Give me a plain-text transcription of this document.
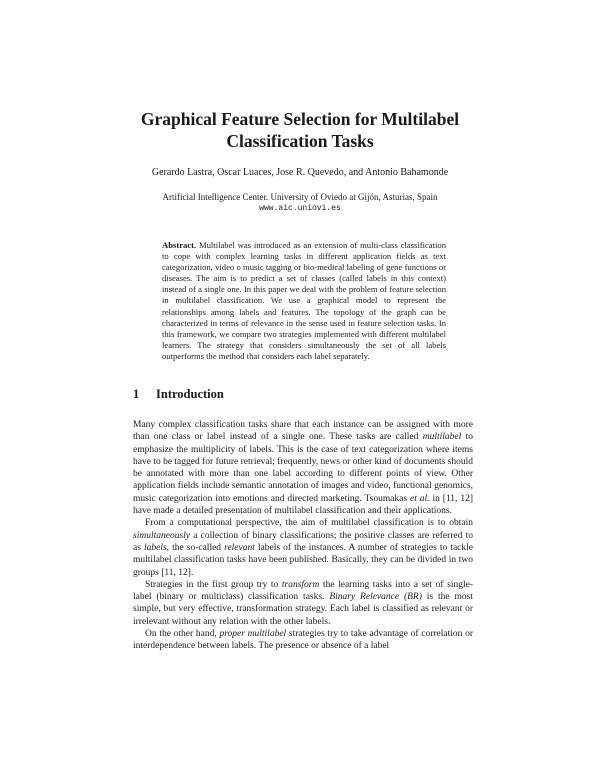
Graphical Feature Selection for Multilabel
Classification Tasks
Gerardo Lastra, Oscar Luaces, Jose R. Quevedo, and Antonio Bahamonde
Artificial Intelligence Center. University of Oviedo at Gijón, Asturias, Spain
www.aic.uniovi.es

Abstract. Multilabel was introduced as an extension of multi-class classification to cope with complex learning tasks in different application fields as text categorization, video o music tagging or bio-medical labeling of gene functions or diseases. The aim is to predict a set of classes (called labels in this context) instead of a single one. In this paper we deal with the problem of feature selection in multilabel classification. We use a graphical model to represent the relationships among labels and features. The topology of the graph can be characterized in terms of relevance in the sense used in feature selection tasks. In this framework, we compare two strategies implemented with different multilabel learners. The strategy that considers simultaneously the set of all labels outperforms the method that considers each label separately.

1 Introduction

Many complex classification tasks share that each instance can be assigned with more than one class or label instead of a single one. These tasks are called multilabel to emphasize the multiplicity of labels. This is the case of text categorization where items have to be tagged for future retrieval; frequently, news or other kind of documents should be annotated with more than one label according to different points of view. Other application fields include semantic annotation of images and video, functional genomics, music categorization into emotions and directed marketing. Tsoumakas et al. in [11, 12] have made a detailed presentation of multilabel classification and their applications.

From a computational perspective, the aim of multilabel classification is to obtain simultaneously a collection of binary classifications; the positive classes are referred to as labels, the so-called relevant labels of the instances. A number of strategies to tackle multilabel classification tasks have been published. Basically, they can be divided in two groups [11, 12].

Strategies in the first group try to transform the learning tasks into a set of single-label (binary or multiclass) classification tasks. Binary Relevance (BR) is the most simple, but very effective, transformation strategy. Each label is classified as relevant or irrelevant without any relation with the other labels.

On the other hand, proper multilabel strategies try to take advantage of correlation or interdependence between labels. The presence or absence of a label
